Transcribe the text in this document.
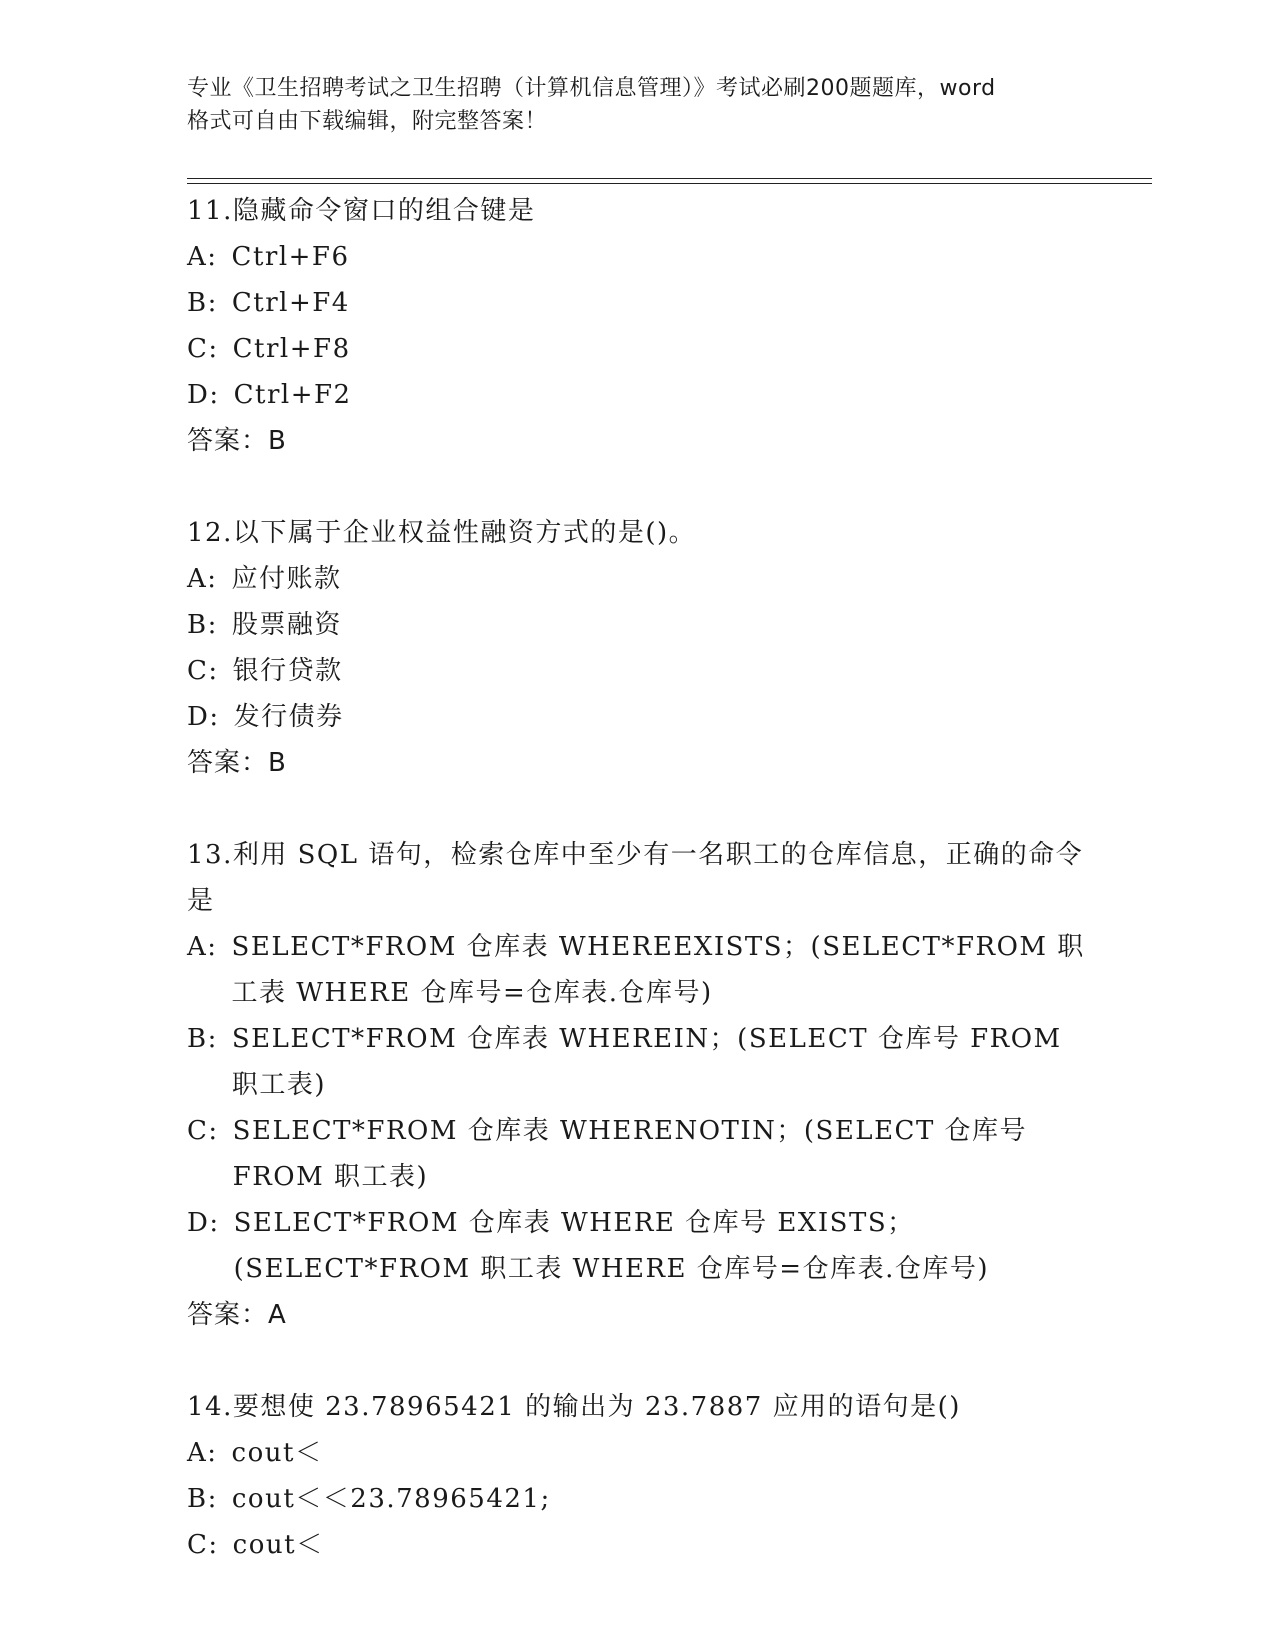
专业《卫生招聘考试之卫生招聘（计算机信息管理）》考试必刷200题题库，word
格式可自由下载编辑，附完整答案！
11.隐藏命令窗口的组合键是
A: Ctrl+F6
B: Ctrl+F4
C: Ctrl+F8
D: Ctrl+F2
答案：B
12.以下属于企业权益性融资方式的是()。
A: 应付账款
B: 股票融资
C: 银行贷款
D: 发行债券
答案：B
13.利用 SQL 语句，检索仓库中至少有一名职工的仓库信息，正确的命令是
A: SELECT*FROM 仓库表 WHEREEXISTS；(SELECT*FROM 职工表 WHERE 仓库号=仓库表.仓库号)
B: SELECT*FROM 仓库表 WHEREIN；(SELECT 仓库号 FROM 职工表)
C: SELECT*FROM 仓库表 WHERENOTIN；(SELECT 仓库号 FROM 职工表)
D: SELECT*FROM 仓库表 WHERE 仓库号 EXISTS；(SELECT*FROM 职工表 WHERE 仓库号=仓库表.仓库号)
答案：A
14.要想使 23.78965421 的输出为 23.7887 应用的语句是()
A: cout＜
B: cout＜＜23.78965421;
C: cout＜
